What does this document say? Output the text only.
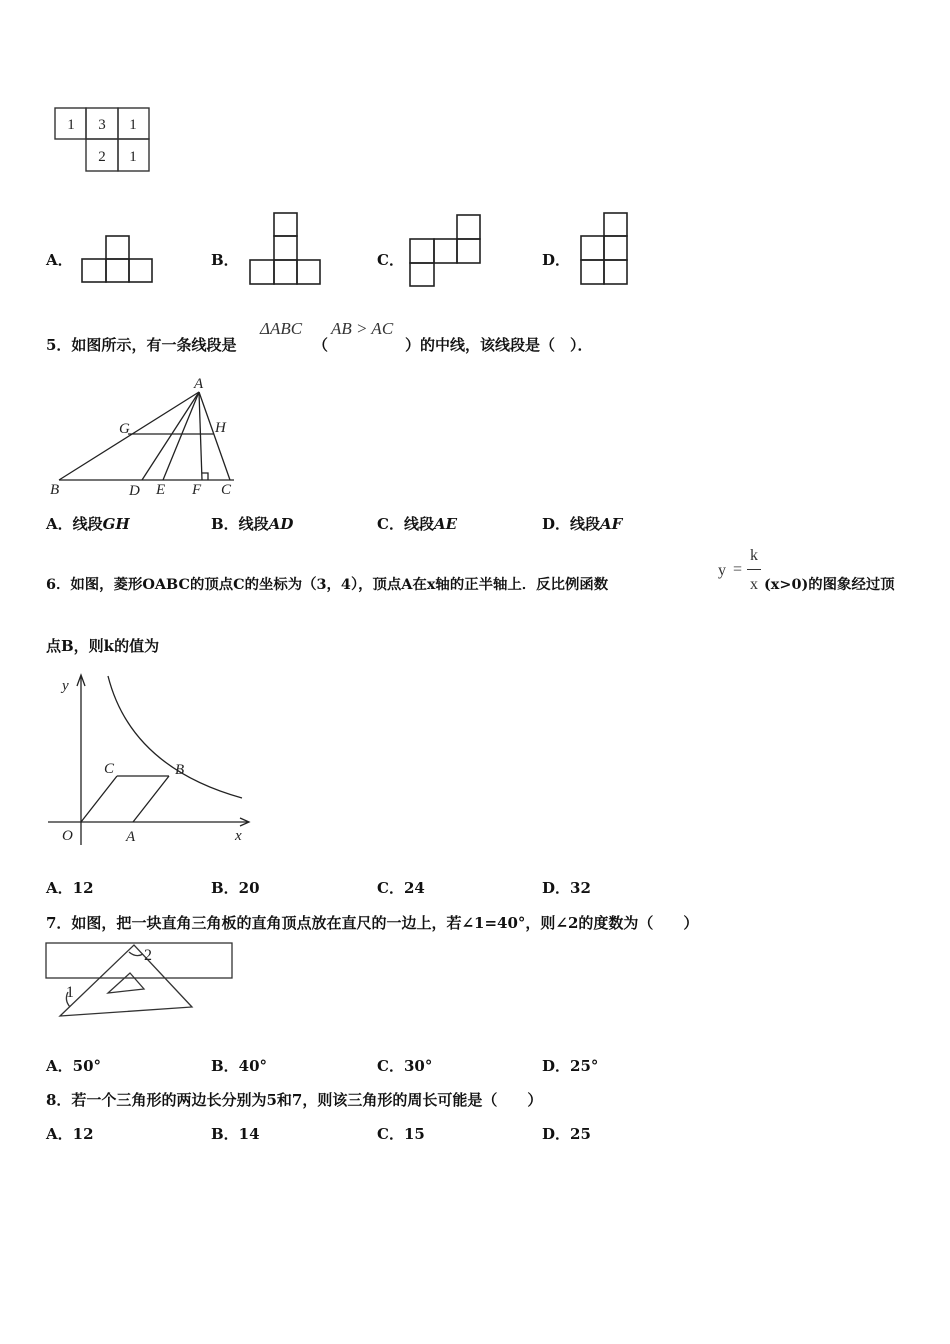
1 3 1
2 1
A．	B．	C．	D．
5．如图所示，有一条线段是
ΔABC
（
AB > AC
）的中线，该线段是（　）．
A
G	H
B	D E F C
A．线段GH	B．线段AD	C．线段AE	D．线段AF
6．如图，菱形OABC的顶点C的坐标为（3，4），顶点A在x轴的正半轴上．反比例函数
y =
k
x (x>0)的图象经过顶
点B，则k的值为
y
x
O	A
C	B
A．12	B．20	C．24	D．32
7．如图，把一块直角三角板的直角顶点放在直尺的一边上，若∠1=40°，则∠2的度数为（　　）
1
2
A．50°	B．40°	C．30°	D．25°
8．若一个三角形的两边长分别为5和7，则该三角形的周长可能是（　　）
A．12	B．14	C．15	D．25
